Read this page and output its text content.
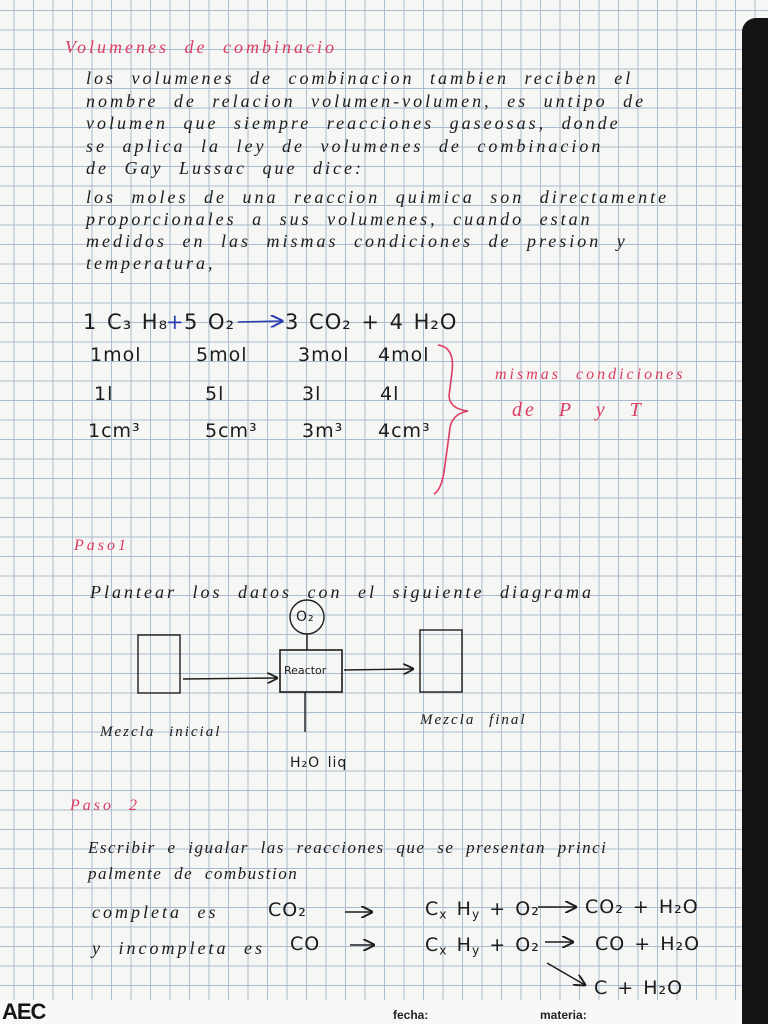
AEC	fecha:	materia:
Volumenes de combinacio
los volumenes de combinacion tambien reciben el
nombre de relacion volumen-volumen, es untipo de
volumen que siempre reacciones gaseosas, donde
se aplica la ley de volumenes de combinacion
de Gay Lussac que dice:
los moles de una reaccion quimica son directamente
proporcionales a sus volumenes, cuando estan
medidos en las mismas condiciones de presion y
temperatura,
1 C₃ H₈
+ 5 O₂ 3 CO₂ + 4 H₂O
1mol	5mol	3mol 4mol
1l	5l	3l	4l
1cm³	5cm³ 3m³ 4cm³
mismas condiciones
de P y T
Paso1
Plantear los datos con el siguiente diagrama
O₂
Reactor
Mezcla inicial
Mezcla final
H₂O liq
Paso 2
Escribir e igualar las reacciones que se presentan princi
palmente de combustion
completa es	CO₂	$C_x$ $H_y + O_2$ CO₂ + H₂O
y incompleta es CO	$C_x$ $H_y + O_2$	CO + H₂O
C + H₂O
